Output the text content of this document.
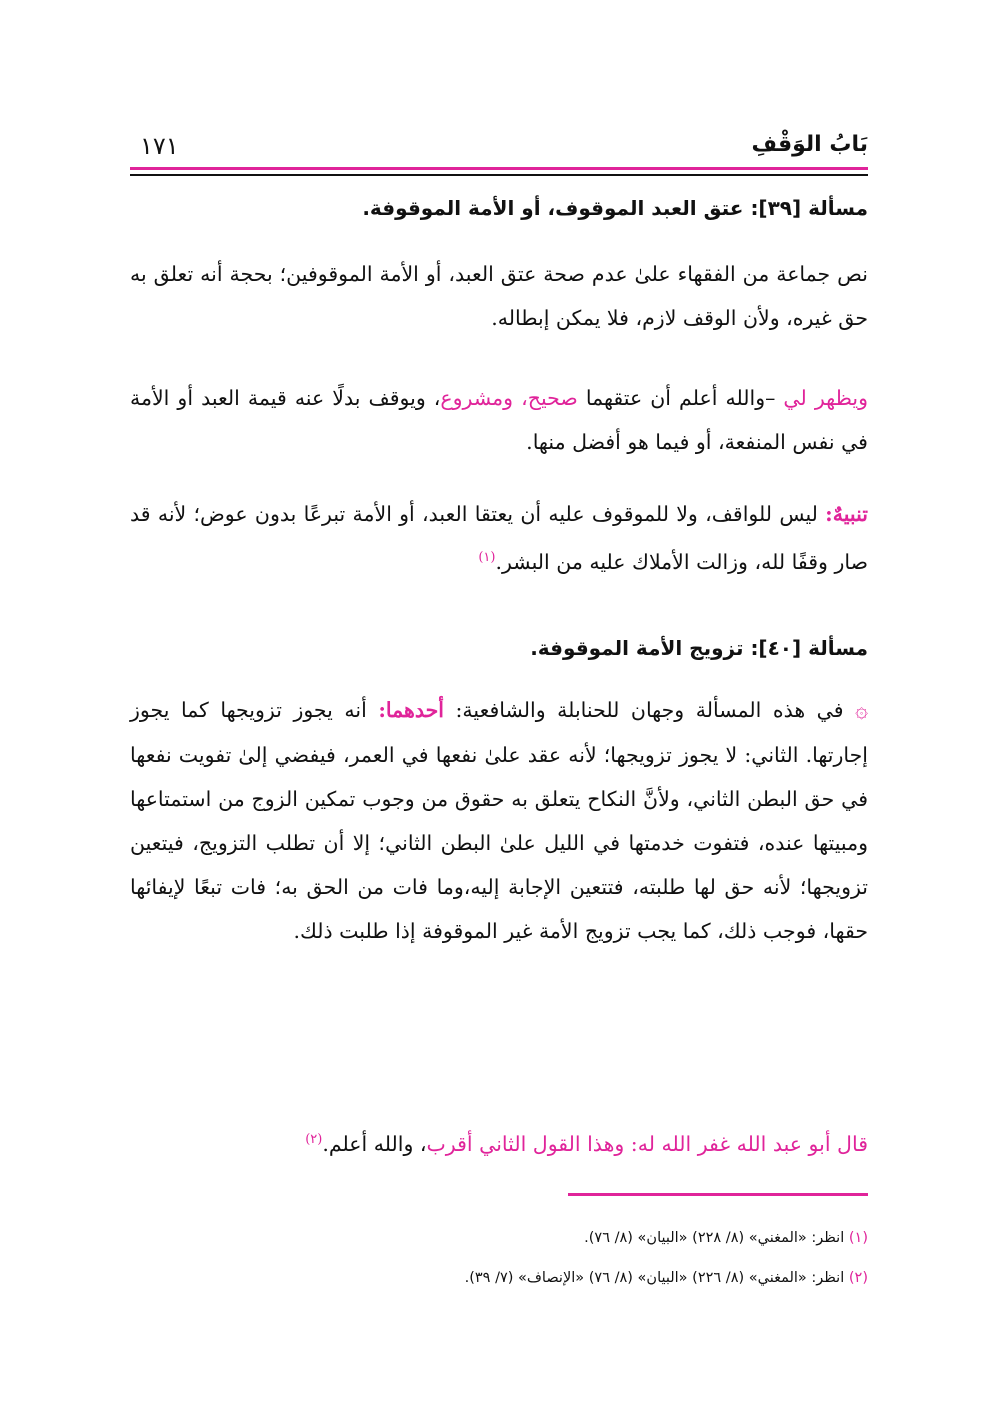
بَابُ الوَقْفِ
١٧١
مسألة [٣٩]: عتق العبد الموقوف، أو الأمة الموقوفة.
نص جماعة من الفقهاء علىٰ عدم صحة عتق العبد، أو الأمة الموقوفين؛ بحجة أنه تعلق به حق غيره، ولأن الوقف لازم، فلا يمكن إبطاله.
ويظهر لي –والله أعلم أن عتقهما صحيح، ومشروع، ويوقف بدلًا عنه قيمة العبد أو الأمة في نفس المنفعة، أو فيما هو أفضل منها.
تنبيهٌ: ليس للواقف، ولا للموقوف عليه أن يعتقا العبد، أو الأمة تبرعًا بدون عوض؛ لأنه قد صار وقفًا لله، وزالت الأملاك عليه من البشر.$^{(١)}$
مسألة [٤٠]: تزويج الأمة الموقوفة.
۞ في هذه المسألة وجهان للحنابلة والشافعية: أحدهما: أنه يجوز تزويجها كما يجوز إجارتها. الثاني: لا يجوز تزويجها؛ لأنه عقد علىٰ نفعها في العمر، فيفضي إلىٰ تفويت نفعها في حق البطن الثاني، ولأنَّ النكاح يتعلق به حقوق من وجوب تمكين الزوج من استمتاعها ومبيتها عنده، فتفوت خدمتها في الليل علىٰ البطن الثاني؛ إلا أن تطلب التزويج، فيتعين تزويجها؛ لأنه حق لها طلبته، فتتعين الإجابة إليه،وما فات من الحق به؛ فات تبعًا لإيفائها حقها، فوجب ذلك، كما يجب تزويج الأمة غير الموقوفة إذا طلبت ذلك.
قال أبو عبد الله غفر الله له: وهذا القول الثاني أقرب، والله أعلم.$^{(٢)}$
(١) انظر: «المغني» (٨/ ٢٢٨) «البيان» (٨/ ٧٦).
(٢) انظر: «المغني» (٨/ ٢٢٦) «البيان» (٨/ ٧٦) «الإنصاف» (٧/ ٣٩).
